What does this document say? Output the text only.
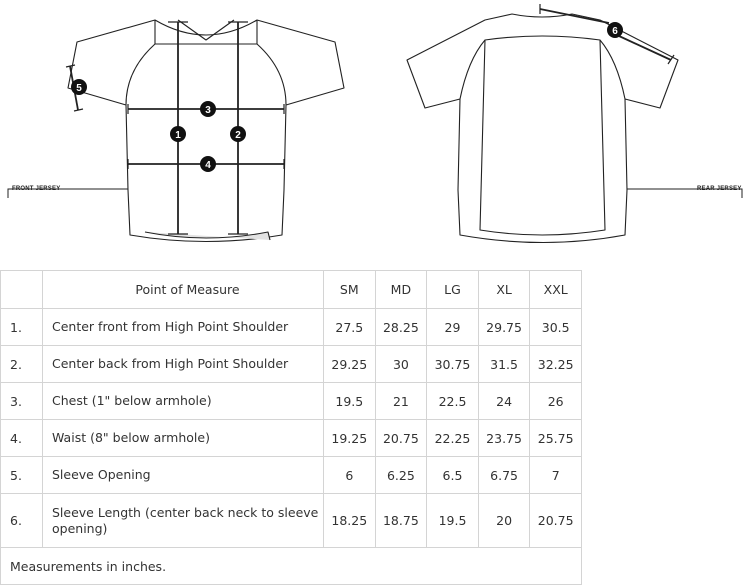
1	2
3
4
5
6
FRONT JERSEY	REAR JERSEY
	Point of Measure	SM	MD	LG	XL	XXL
1.	Center front from High Point Shoulder	27.5	28.25	29	29.75	30.5
2.	Center back from High Point Shoulder	29.25	30	30.75	31.5	32.25
3.	Chest (1" below armhole)	19.5	21	22.5	24	26
4.	Waist (8" below armhole)	19.25	20.75	22.25	23.75	25.75
5.	Sleeve Opening	6	6.25	6.5	6.75	7
6.	Sleeve Length (center back neck to sleeve opening)	18.25	18.75	19.5	20	20.75
Measurements in inches.						
